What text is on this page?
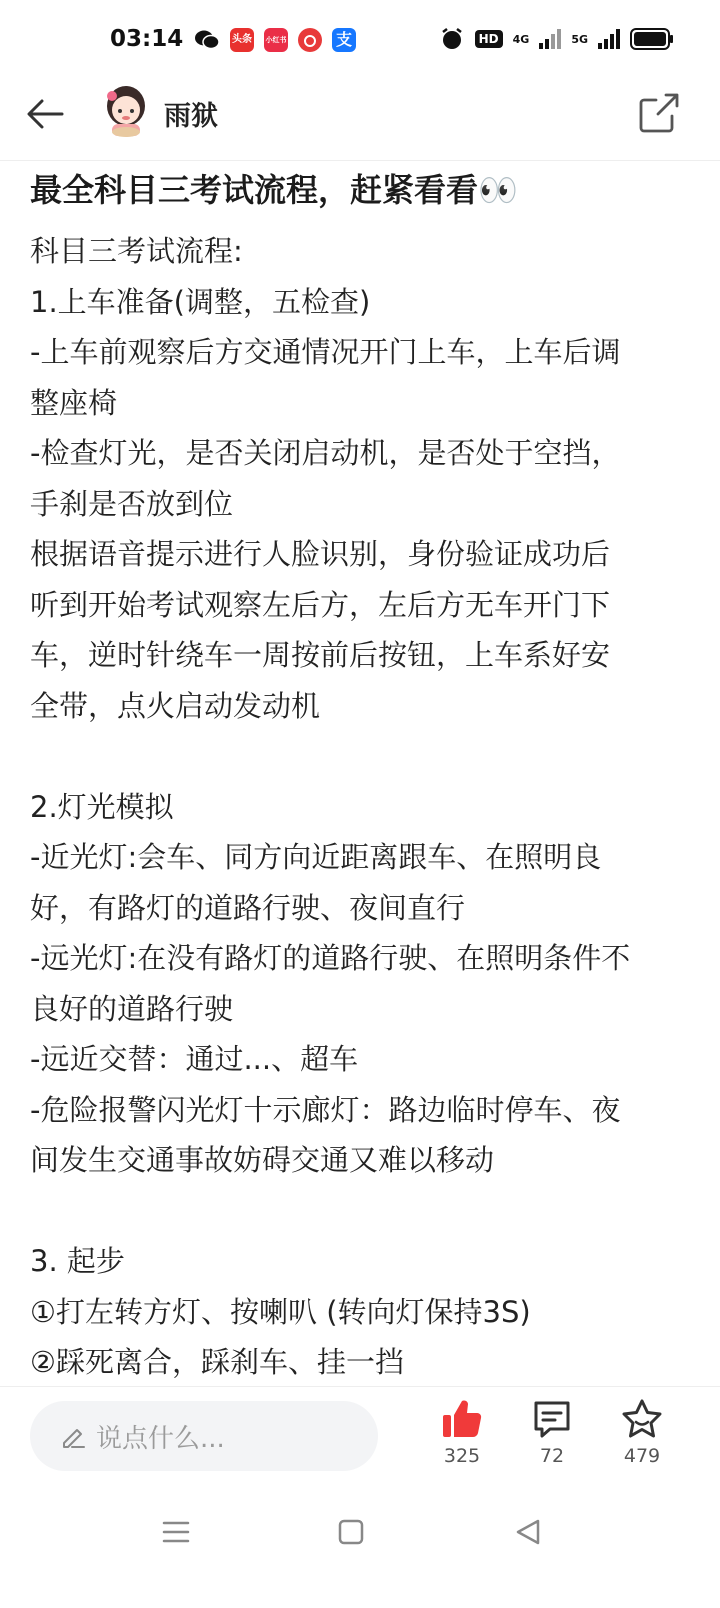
03:14	头条 小红书	支	HD	4G	5G
雨狱
最全科目三考试流程，赶紧看看👀
科目三考试流程:
1.上车准备(调整，五检查)
-上车前观察后方交通情况开门上车，上车后调
整座椅
-检查灯光，是否关闭启动机，是否处于空挡，
手刹是否放到位
根据语音提示进行人脸识别，身份验证成功后
听到开始考试观察左后方，左后方无车开门下
车，逆时针绕车一周按前后按钮，上车系好安
全带，点火启动发动机
2.灯光模拟
-近光灯:会车、同方向近距离跟车、在照明良
好，有路灯的道路行驶、夜间直行
-远光灯:在没有路灯的道路行驶、在照明条件不
良好的道路行驶
-远近交替：通过...、超车
-危险报警闪光灯十示廊灯：路边临时停车、夜
间发生交通事故妨碍交通又难以移动
3. 起步
①打左转方灯、按喇叭 (转向灯保持3S)
②踩死离合，踩刹车、挂一挡
说点什么...
325	72	479
